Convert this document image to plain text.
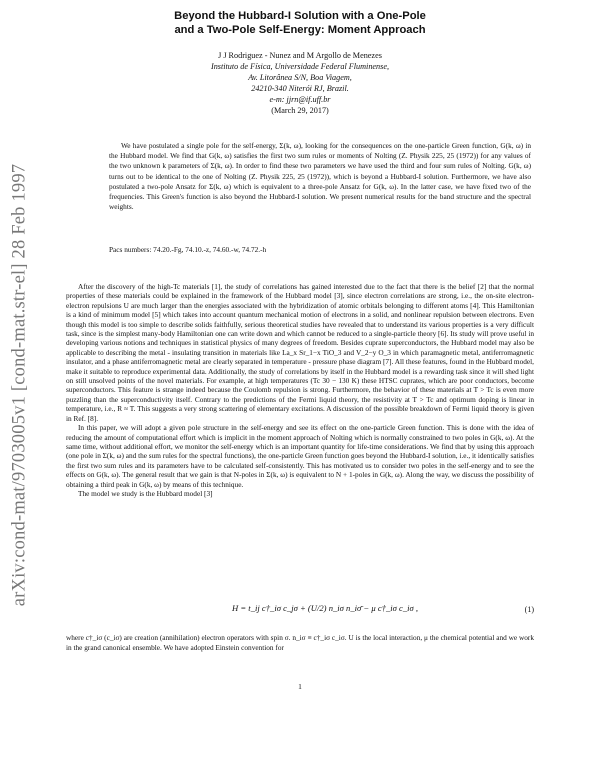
arXiv:cond-mat/9703005v1 [cond-mat.str-el] 28 Feb 1997
Beyond the Hubbard-I Solution with a One-Pole
and a Two-Pole Self-Energy: Moment Approach
J J Rodriguez - Nunez and M Argollo de Menezes
Instituto de Física, Universidade Federal Fluminense,
Av. Litorânea S/N, Boa Viagem,
24210-340 Niterói RJ, Brazil.
e-m: jjrn@if.uff.br
(March 29, 2017)

We have postulated a single pole for the self-energy, Σ(k, ω), looking for the consequences on the one-particle Green function, G(k, ω) in the Hubbard model. We find that G(k, ω) satisfies the first two sum rules or moments of Nolting (Z. Physik 225, 25 (1972)) for any values of the two unknown k parameters of Σ(k, ω). In order to find these two parameters we have used the third and four sum rules of Nolting. G(k, ω) turns out to be identical to the one of Nolting (Z. Physik 225, 25 (1972)), which is beyond a Hubbard-I solution. Furthermore, we have also postulated a two-pole Ansatz for Σ(k, ω) which is equivalent to a three-pole Ansatz for G(k, ω). In the latter case, we have fixed two of the frequencies. This Green's function is also beyond the Hubbard-I solution. We present numerical results for the band structure and the spectral weights.

Pacs numbers: 74.20.-Fg, 74.10.-z, 74.60.-w, 74.72.-h

After the discovery of the high-Tc materials [1], the study of correlations has gained interested due to the fact that there is the belief [2] that the normal properties of these materials could be explained in the framework of the Hubbard model [3], since electron correlations are strong, i.e., the on-site electron-electron repulsions U are much larger than the energies associated with the hybridization of atomic orbitals belonging to different atoms [4]. This Hamiltonian is a kind of minimum model [5] which takes into account quantum mechanical motion of electrons in a solid, and nonlinear repulsion between electrons. Even though this model is too simple to describe solids faithfully, serious theoretical studies have revealed that to understand its various properties is a very difficult task, since is the simplest many-body Hamiltonian one can write down and which cannot be reduced to a single-particle theory [6]. Its study will prove useful in developing various notions and techniques in statistical physics of many degrees of freedom. Besides cuprate superconductors, the Hubbard model may also be applicable to describing the metal - insulating transition in materials like La_x Sr_1−x TiO_3 and V_2−y O_3 in which paramagnetic metal, antiferromagnetic insulator, and a phase antiferromagnetic metal are clearly separated in temperature - pressure phase diagram [7]. All these features, found in the Hubbard model, make it suitable to reproduce experimental data. Additionally, the study of correlations by itself in the Hubbard model is a rewarding task since it will shed light on still unsolved points of the novel materials. For example, at high temperatures (Tc 30 − 130 K) these HTSC cuprates, which are poor conductors, become superconductors. This feature is strange indeed because the Coulomb repulsion is strong. Furthermore, the behavior of these materials at T > Tc is even more puzzling than the superconductivity itself. Contrary to the predictions of the Fermi liquid theory, the resistivity at T > Tc and optimum doping is linear in temperature, i.e., R ≈ T. This suggests a very strong scattering of elementary excitations. A discussion of the possible breakdown of Fermi liquid theory is given in Ref. [8].

In this paper, we will adopt a given pole structure in the self-energy and see its effect on the one-particle Green function. This is done with the idea of reducing the amount of computational effort which is implicit in the moment approach of Nolting which is normally constrained to two poles in G(k, ω). At the same time, without additional effort, we monitor the self-energy which is an important quantity for life-time considerations. We find that by using this approach (one pole in Σ(k, ω) and the sum rules for the spectral functions), the one-particle Green function goes beyond the Hubbard-I solution, i.e., it identically satisfies the first two sum rules and its parameters have to be calculated self-consistently. This has motivated us to consider two poles in the self-energy and to see the effects on G(k, ω). The general result that we gain is that N-poles in Σ(k, ω) is equivalent to N + 1-poles in G(k, ω). Along the way, we discuss the possibility of obtaining a third peak in G(k, ω) by means of this technique.

The model we study is the Hubbard model [3]

H = t_ij c†_iσ c_jσ + (U/2) n_iσ n_iσ̄ − μ c†_iσ c_iσ ,	(1)
where c†_iσ (c_iσ) are creation (annihilation) electron operators with spin σ. n_iσ ≡ c†_iσ c_iσ. U is the local interaction, μ the chemical potential and we work in the grand canonical ensemble. We have adopted Einstein convention for
1
